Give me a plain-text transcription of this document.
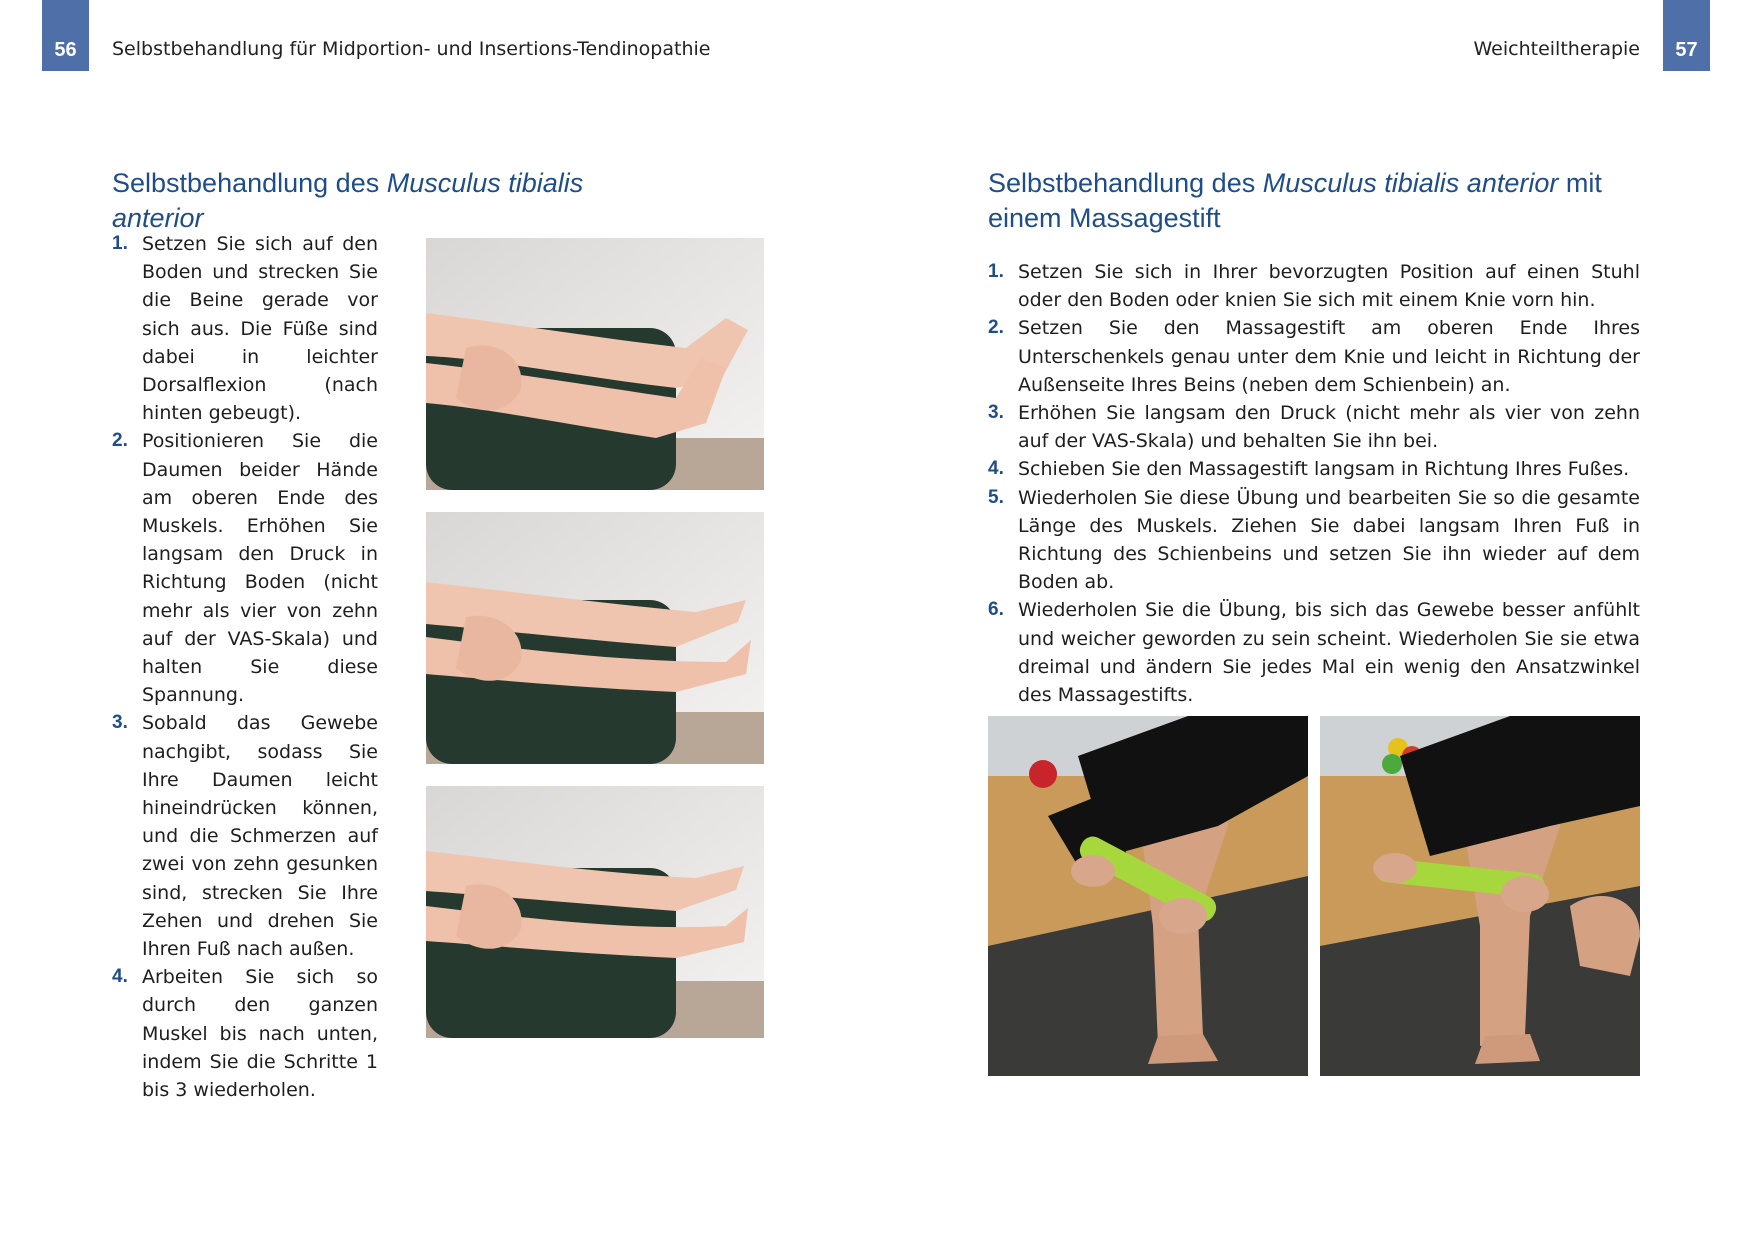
56	Selbstbehandlung für Midportion- und Insertions-Tendinopathie
Selbstbehandlung des Musculus tibialis anterior
1. Setzen Sie sich auf den Boden und strecken Sie die Beine gerade vor sich aus. Die Füße sind dabei in leichter Dorsalflexion (nach hinten gebeugt).
2. Positionieren Sie die Daumen beider Hände am oberen Ende des Muskels. Erhöhen Sie langsam den Druck in Richtung Boden (nicht mehr als vier von zehn auf der VAS-Skala) und halten Sie diese Spannung.
3. Sobald das Gewebe nachgibt, sodass Sie Ihre Daumen leicht hineindrücken können, und die Schmerzen auf zwei von zehn gesunken sind, strecken Sie Ihre Zehen und drehen Sie Ihren Fuß nach außen.
4. Arbeiten Sie sich so durch den ganzen Muskel bis nach unten, indem Sie die Schritte 1 bis 3 wiederholen.
Weichteiltherapie	57
Selbstbehandlung des Musculus tibialis anterior mit einem Massagestift
1. Setzen Sie sich in Ihrer bevorzugten Position auf einen Stuhl oder den Boden oder knien Sie sich mit einem Knie vorn hin.
2. Setzen Sie den Massagestift am oberen Ende Ihres Unterschenkels genau unter dem Knie und leicht in Richtung der Außenseite Ihres Beins (neben dem Schienbein) an.
3. Erhöhen Sie langsam den Druck (nicht mehr als vier von zehn auf der VAS-Skala) und behalten Sie ihn bei.
4. Schieben Sie den Massagestift langsam in Richtung Ihres Fußes.
5. Wiederholen Sie diese Übung und bearbeiten Sie so die gesamte Länge des Muskels. Ziehen Sie dabei langsam Ihren Fuß in Richtung des Schienbeins und setzen Sie ihn wieder auf dem Boden ab.
6. Wiederholen Sie die Übung, bis sich das Gewebe besser anfühlt und weicher geworden zu sein scheint. Wiederholen Sie sie etwa dreimal und ändern Sie jedes Mal ein wenig den Ansatzwinkel des Massagestifts.
